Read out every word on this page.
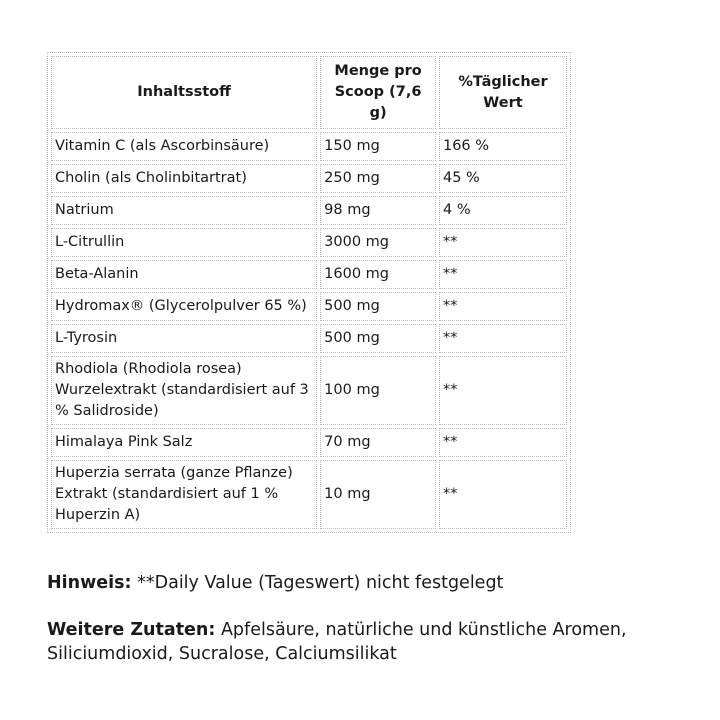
Inhaltsstoff	Menge pro Scoop (7,6 g)	%Täglicher Wert
Vitamin C (als Ascorbinsäure)	150 mg	166 %
Cholin (als Cholinbitartrat)	250 mg	45 %
Natrium	98 mg	4 %
L-Citrullin	3000 mg	**
Beta-Alanin	1600 mg	**
Hydromax® (Glycerolpulver 65 %)	500 mg	**
L-Tyrosin	500 mg	**
Rhodiola (Rhodiola rosea) Wurzelextrakt (standardisiert auf 3 % Salidroside)	100 mg	**
Himalaya Pink Salz	70 mg	**
Huperzia serrata (ganze Pflanze) Extrakt (standardisiert auf 1 % Huperzin A)	10 mg	**

Hinweis: **Daily Value (Tageswert) nicht festgelegt

Weitere Zutaten: Apfelsäure, natürliche und künstliche Aromen, Siliciumdioxid, Sucralose, Calciumsilikat
